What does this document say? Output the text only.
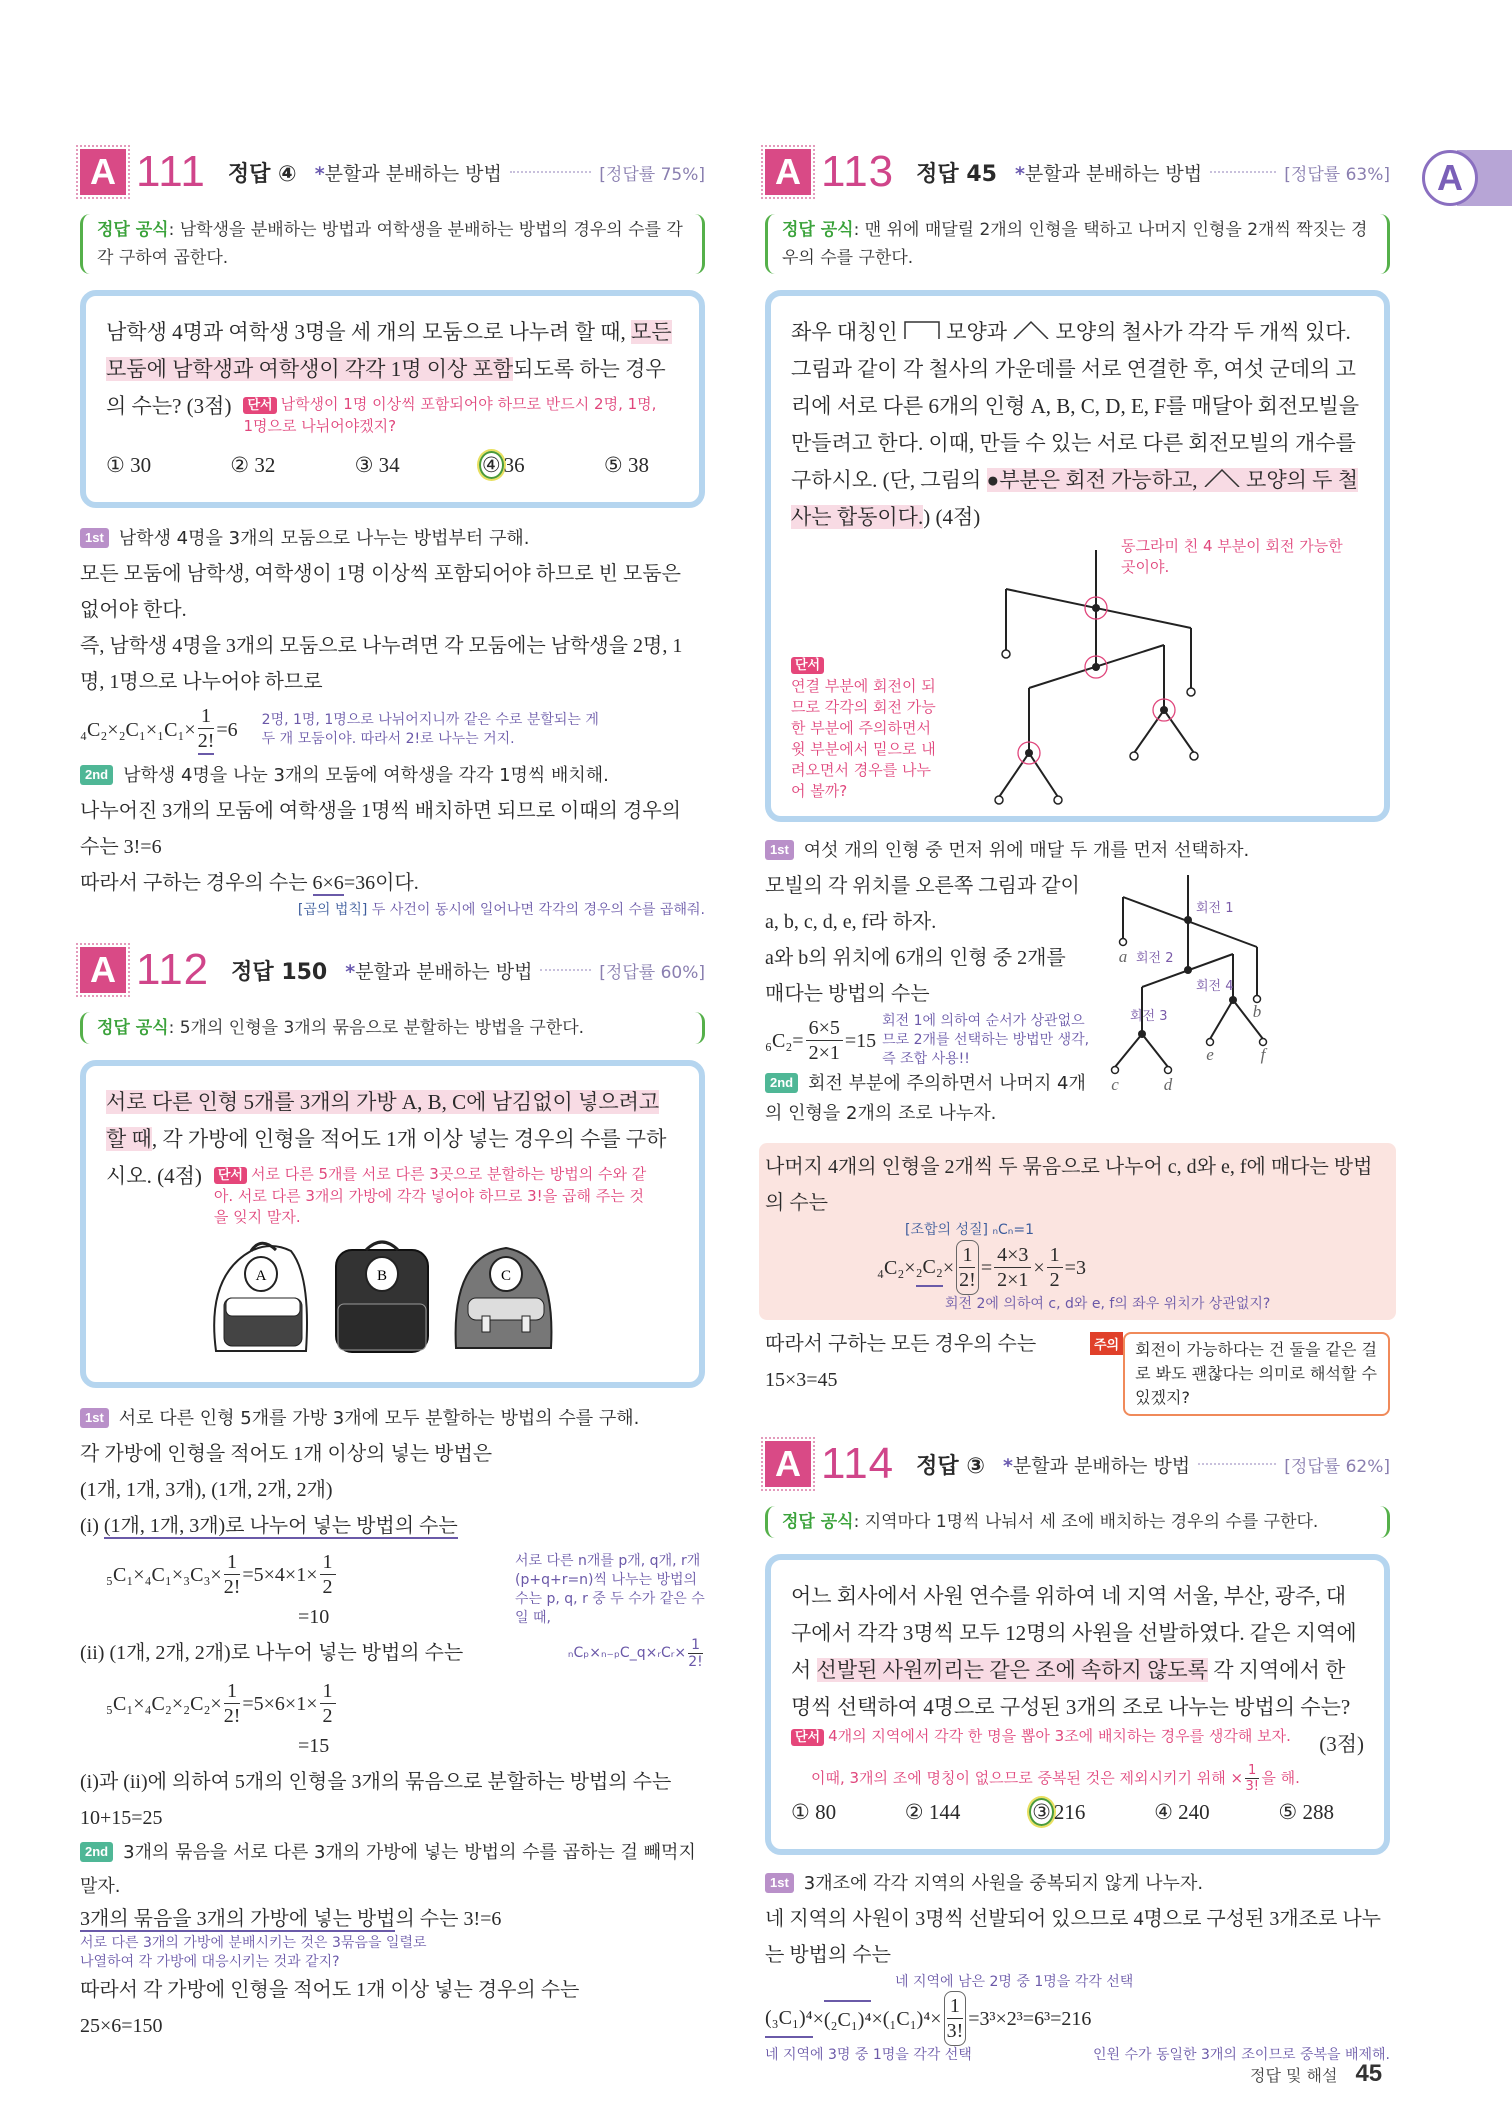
A
A 111 정답 ④ *분할과 분배하는 방법	[정답률 75%]
정답 공식: 남학생을 분배하는 방법과 여학생을 분배하는 방법의 경우의 수를 각각 구하여 곱한다.
남학생 4명과 여학생 3명을 세 개의 모둠으로 나누려 할 때, 모든 모둠에 남학생과 여학생이 각각 1명 이상 포함되도록 하는 경우의 수는? (3점) 단서 남학생이 1명 이상씩 포함되어야 하므로 반드시 2명, 1명, 1명으로 나뉘어야겠지?
① 30	② 32	③ 34	④ 36	⑤ 38
1st 남학생 4명을 3개의 모둠으로 나누는 방법부터 구해.
모든 모둠에 남학생, 여학생이 1명 이상씩 포함되어야 하므로 빈 모둠은 없어야 한다.
즉, 남학생 4명을 3개의 모둠으로 나누려면 각 모둠에는 남학생을 2명, 1명, 1명으로 나누어야 하므로
$_4C_2\times_2C_1\times_1C_1\times \frac{1}{2!} =6$ 2명, 1명, 1명으로 나뉘어지니까 같은 수로 분할되는 게 두 개 모둠이야. 따라서 2!로 나누는 거지.
2nd 남학생 4명을 나눈 3개의 모둠에 여학생을 각각 1명씩 배치해.
나누어진 3개의 모둠에 여학생을 1명씩 배치하면 되므로 이때의 경우의 수는 3!=6
따라서 구하는 경우의 수는 6×6=36이다.
[곱의 법칙] 두 사건이 동시에 일어나면 각각의 경우의 수를 곱해줘.
A 112 정답 150 *분할과 분배하는 방법	[정답률 60%]
정답 공식: 5개의 인형을 3개의 묶음으로 분할하는 방법을 구한다.
서로 다른 인형 5개를 3개의 가방 A, B, C에 남김없이 넣으려고 할 때, 각 가방에 인형을 적어도 1개 이상 넣는 경우의 수를 구하시오. (4점) 단서 서로 다른 5개를 서로 다른 3곳으로 분할하는 방법의 수와 같아. 서로 다른 3개의 가방에 각각 넣어야 하므로 3!을 곱해 주는 것을 잊지 말자.
A	B	C
1st 서로 다른 인형 5개를 가방 3개에 모두 분할하는 방법의 수를 구해.
각 가방에 인형을 적어도 1개 이상의 넣는 방법은
(1개, 1개, 3개), (1개, 2개, 2개)
(i) (1개, 1개, 3개)로 나누어 넣는 방법의 수는
$_5C_1\times_4C_1\times_3C_3\times \frac{1}{2!} =5\times 4\times 1\times \frac{1}{2}$
=10
서로 다른 n개를 p개, q개, r개(p+q+r=n)씩 나누는 방법의 수는 p, q, r 중 두 수가 같은 수일 때,
(ii) (1개, 2개, 2개)로 나누어 넣는 방법의 수는	ₙCₚ×ₙ₋ₚC_q×ᵣCᵣ× $\frac{1}{2!}$
$_5C_1\times_4C_2\times_2C_2\times \frac{1}{2!} =5\times 6\times 1\times \frac{1}{2}$
=15
(i)과 (ii)에 의하여 5개의 인형을 3개의 묶음으로 분할하는 방법의 수는
10+15=25
2nd 3개의 묶음을 서로 다른 3개의 가방에 넣는 방법의 수를 곱하는 걸 빼먹지 말자.
3개의 묶음을 3개의 가방에 넣는 방법의 수는 3!=6
서로 다른 3개의 가방에 분배시키는 것은 3묶음을 일렬로 나열하여 각 가방에 대응시키는 것과 같지?
따라서 각 가방에 인형을 적어도 1개 이상 넣는 경우의 수는
25×6=150
A 113 정답 45 *분할과 분배하는 방법	[정답률 63%]
정답 공식: 맨 위에 매달릴 2개의 인형을 택하고 나머지 인형을 2개씩 짝짓는 경우의 수를 구한다.
좌우 대칭인  모양과  모양의 철사가 각각 두 개씩 있다. 그림과 같이 각 철사의 가운데를 서로 연결한 후, 여섯 군데의 고리에 서로 다른 6개의 인형 A, B, C, D, E, F를 매달아 회전모빌을 만들려고 한다. 이때, 만들 수 있는 서로 다른 회전모빌의 개수를 구하시오. (단, 그림의 ●부분은 회전 가능하고,  모양의 두 철사는 합동이다.) (4점)
단서
연결 부분에 회전이 되므로 각각의 회전 가능한 부분에 주의하면서 윗 부분에서 밑으로 내려오면서 경우를 나누어 볼까?
동그라미 친 4 부분이 회전 가능한 곳이야.
1st 여섯 개의 인형 중 먼저 위에 매달 두 개를 먼저 선택하자.
모빌의 각 위치를 오른쪽 그림과 같이 a, b, c, d, e, f라 하자.
a와 b의 위치에 6개의 인형 중 2개를 매다는 방법의 수는
$_6C_2= \frac{6\times 5}{2\times 1} =15$
회전 1에 의하여 순서가 상관없으므로 2개를 선택하는 방법만 생각, 즉 조합 사용!!
2nd 회전 부분에 주의하면서 나머지 4개의 인형을 2개의 조로 나누자.
a
b
c	d
e	f
회전 1
회전 2
회전 3
회전 4
나머지 4개의 인형을 2개씩 두 묶음으로 나누어 c, d와 e, f에 매다는 방법의 수는
[조합의 성질] ₙCₙ=1
$_4C_2\times _2C_2 \times \frac{1}{2!} = \frac{4\times 3}{2\times 1} \times \frac{1}{2} =3$
회전 2에 의하여 c, d와 e, f의 좌우 위치가 상관없지?
따라서 구하는 모든 경우의 수는
15×3=45
주의	회전이 가능하다는 건 둘을 같은 걸로 봐도 괜찮다는 의미로 해석할 수 있겠지?
A 114 정답 ③ *분할과 분배하는 방법	[정답률 62%]
정답 공식: 지역마다 1명씩 나눠서 세 조에 배치하는 경우의 수를 구한다.
어느 회사에서 사원 연수를 위하여 네 지역 서울, 부산, 광주, 대구에서 각각 3명씩 모두 12명의 사원을 선발하였다. 같은 지역에서 선발된 사원끼리는 같은 조에 속하지 않도록 각 지역에서 한 명씩 선택하여 4명으로 구성된 3개의 조로 나누는 방법의 수는?
단서 4개의 지역에서 각각 한 명을 뽑아 3조에 배치하는 경우를 생각해 보자.	(3점)
이때, 3개의 조에 명칭이 없으므로 중복된 것은 제외시키기 위해 × $\frac{1}{3!}$ 을 해.
① 80	② 144	③ 216	④ 240	⑤ 288
1st 3개조에 각각 지역의 사원을 중복되지 않게 나누자.
네 지역의 사원이 3명씩 선발되어 있으므로 4명으로 구성된 3개조로 나누는 방법의 수는
네 지역에 남은 2명 중 1명을 각각 선택
$(_3C_1)^4 \times (_2C_1)^4 \times(_1C_1)^4\times \frac{1}{3!} =3^3\times 2^3=6^3=216$
네 지역에 3명 중 1명을 각각 선택	인원 수가 동일한 3개의 조이므로 중복을 배제해.
정답 및 해설 45
